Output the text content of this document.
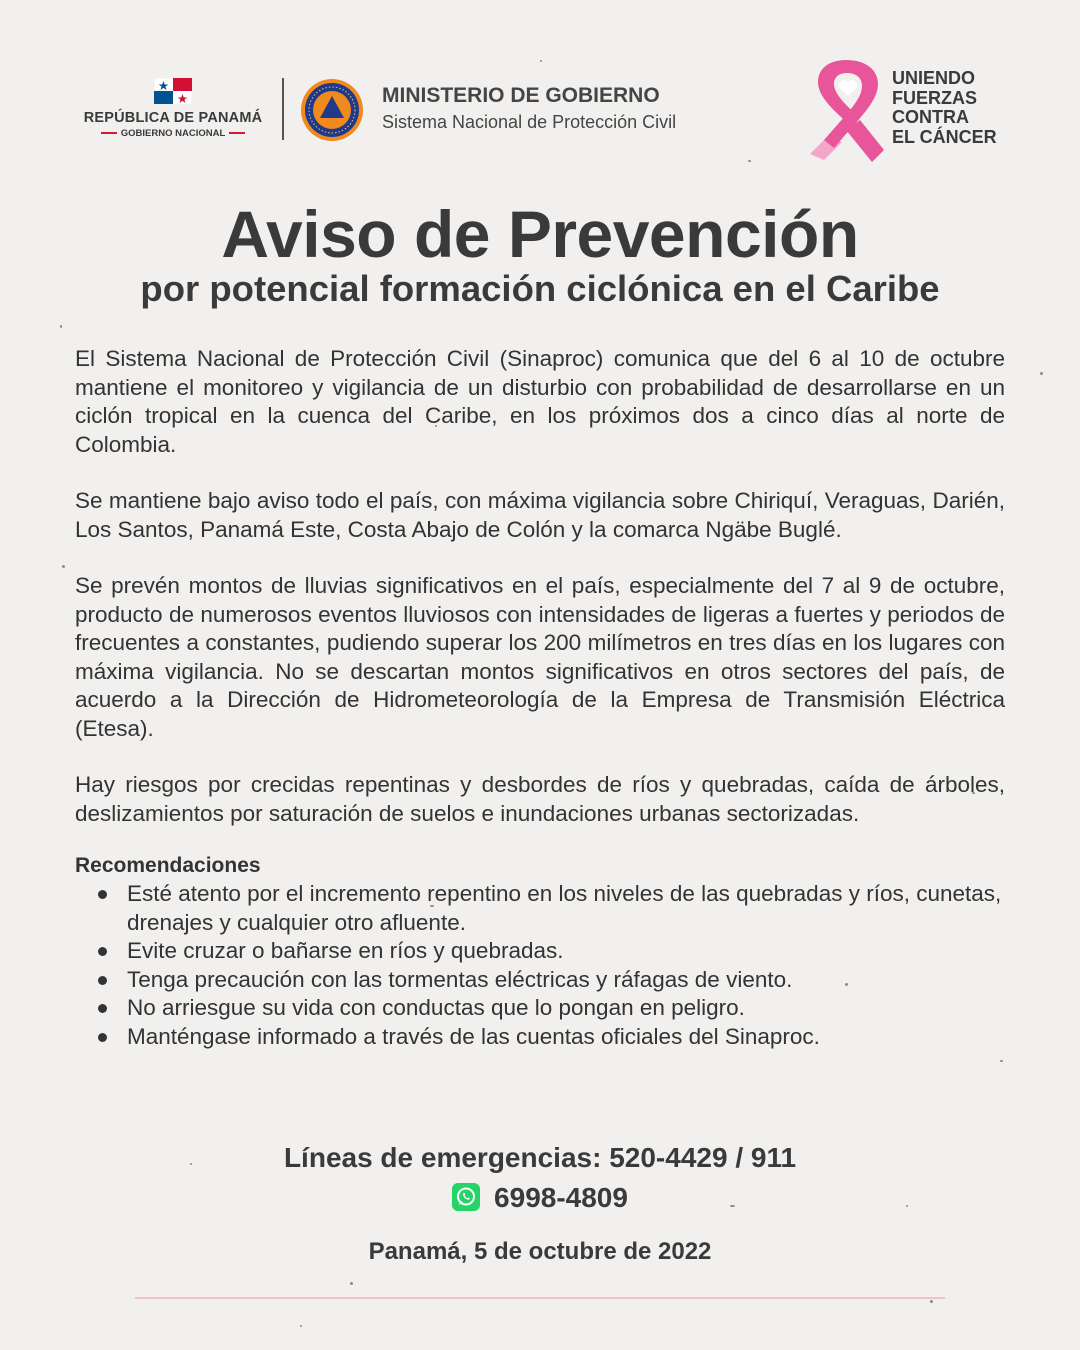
REPÚBLICA DE PANAMÁ
GOBIERNO NACIONAL
MINISTERIO DE GOBIERNO
Sistema Nacional de Protección Civil
UNIENDO
FUERZAS
CONTRA
EL CÁNCER
Aviso de Prevención
por potencial formación ciclónica en el Caribe

El Sistema Nacional de Protección Civil (Sinaproc) comunica que del 6 al 10 de octubre mantiene el monitoreo y vigilancia de un disturbio con probabilidad de desarrollarse en un ciclón tropical en la cuenca del Caribe, en los próximos dos a cinco días al norte de Colombia.

Se mantiene bajo aviso todo el país, con máxima vigilancia sobre Chiriquí, Veraguas, Darién, Los Santos, Panamá Este, Costa Abajo de Colón y la comarca Ngäbe Buglé.

Se prevén montos de lluvias significativos en el país, especialmente del 7 al 9 de octubre, producto de numerosos eventos lluviosos con intensidades de ligeras a fuertes y periodos de frecuentes a constantes, pudiendo superar los 200 milímetros en tres días en los lugares con máxima vigilancia. No se descartan montos significativos en otros sectores del país, de acuerdo a la Dirección de Hidrometeorología de la Empresa de Transmisión Eléctrica (Etesa).

Hay riesgos por crecidas repentinas y desbordes de ríos y quebradas, caída de árboles, deslizamientos por saturación de suelos e inundaciones urbanas sectorizadas.

Recomendaciones
Esté atento por el incremento repentino en los niveles de las quebradas y ríos, cunetas, drenajes y cualquier otro afluente.
Evite cruzar o bañarse en ríos y quebradas.
Tenga precaución con las tormentas eléctricas y ráfagas de viento.
No arriesgue su vida con conductas que lo pongan en peligro.
Manténgase informado a través de las cuentas oficiales del Sinaproc.
Líneas de emergencias: 520-4429 / 911
6998-4809
Panamá, 5 de octubre de 2022
